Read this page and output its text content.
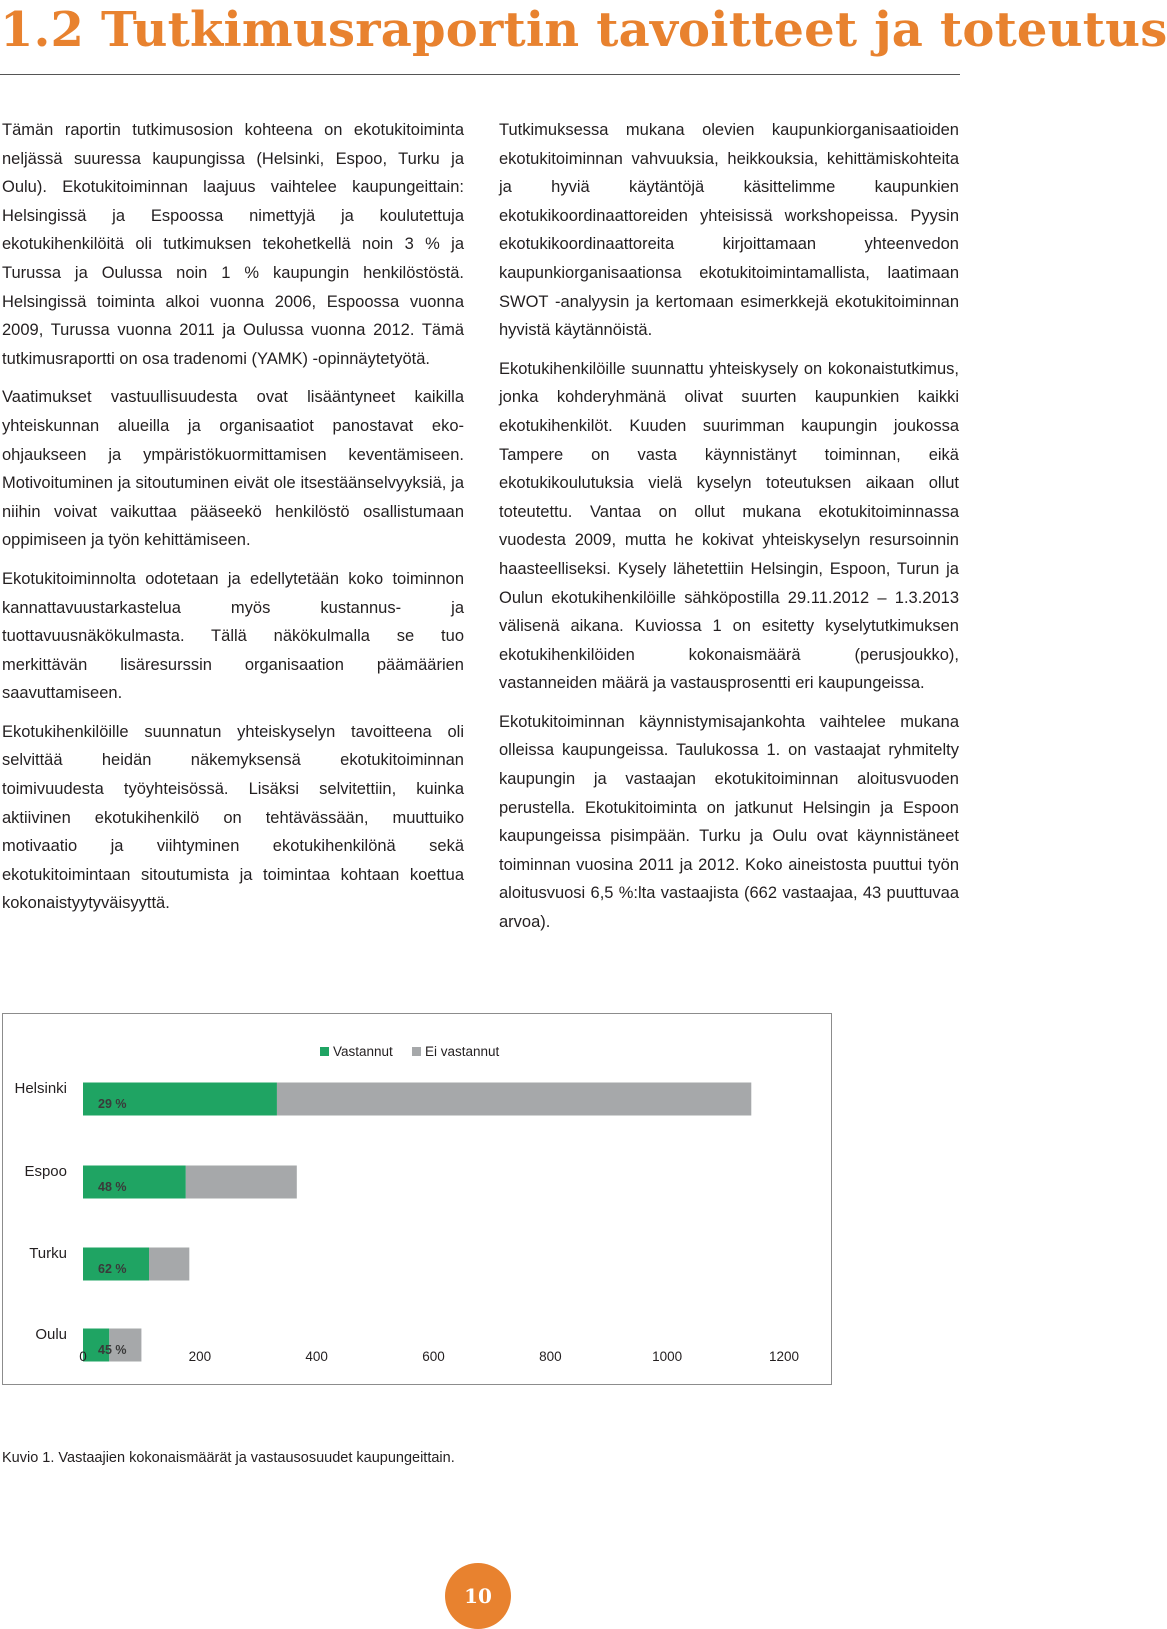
1.2 Tutkimusraportin tavoitteet ja toteutus

Tämän raportin tutkimusosion kohteena on ekotukitoiminta neljässä suuressa kaupungissa (Helsinki, Espoo, Turku ja Oulu). Ekotukitoiminnan laajuus vaihtelee kaupungeittain: Helsingissä ja Espoossa nimettyjä ja koulutettuja ekotukihenkilöitä oli tutkimuksen tekohetkellä noin 3 % ja Turussa ja Oulussa noin 1 % kaupungin henkilöstöstä. Helsingissä toiminta alkoi vuonna 2006, Espoossa vuonna 2009, Turussa vuonna 2011 ja Oulussa vuonna 2012. Tämä tutkimusraportti on osa tradenomi (YAMK) -opinnäytetyötä.

Vaatimukset vastuullisuudesta ovat lisääntyneet kaikilla yhteiskunnan alueilla ja organisaatiot panostavat eko-ohjaukseen ja ympäristökuormittamisen keventämiseen. Motivoituminen ja sitoutuminen eivät ole itsestäänselvyyksiä, ja niihin voivat vaikuttaa pääseekö henkilöstö osallistumaan oppimiseen ja työn kehittämiseen.

Ekotukitoiminnolta odotetaan ja edellytetään koko toiminnon kannattavuustarkastelua myös kustannus- ja tuottavuusnäkökulmasta. Tällä näkökulmalla se tuo merkittävän lisäresurssin organisaation päämäärien saavuttamiseen.

Ekotukihenkilöille suunnatun yhteiskyselyn tavoitteena oli selvittää heidän näkemyksensä ekotukitoiminnan toimivuudesta työyhteisössä. Lisäksi selvitettiin, kuinka aktiivinen ekotukihenkilö on tehtävässään, muuttuiko motivaatio ja viihtyminen ekotukihenkilönä sekä ekotukitoimintaan sitoutumista ja toimintaa kohtaan koettua kokonaistyytyväisyyttä.

Tutkimuksessa mukana olevien kaupunkiorganisaatioiden ekotukitoiminnan vahvuuksia, heikkouksia, kehittämiskohteita ja hyviä käytäntöjä käsittelimme kaupunkien ekotukikoordinaattoreiden yhteisissä workshopeissa. Pyysin ekotukikoordinaattoreita kirjoittamaan yhteenvedon kaupunkiorganisaationsa ekotukitoimintamallista, laatimaan SWOT -analyysin ja kertomaan esimerkkejä ekotukitoiminnan hyvistä käytännöistä.

Ekotukihenkilöille suunnattu yhteiskysely on kokonaistutkimus, jonka kohderyhmänä olivat suurten kaupunkien kaikki ekotukihenkilöt. Kuuden suurimman kaupungin joukossa Tampere on vasta käynnistänyt toiminnan, eikä ekotukikoulutuksia vielä kyselyn toteutuksen aikaan ollut toteutettu. Vantaa on ollut mukana ekotukitoiminnassa vuodesta 2009, mutta he kokivat yhteiskyselyn resursoinnin haasteelliseksi. Kysely lähetettiin Helsingin, Espoon, Turun ja Oulun ekotukihenkilöille sähköpostilla 29.11.2012 – 1.3.2013 välisenä aikana. Kuviossa 1 on esitetty kyselytutkimuksen ekotukihenkilöiden kokonaismäärä (perusjoukko), vastanneiden määrä ja vastausprosentti eri kaupungeissa.

Ekotukitoiminnan käynnistymisajankohta vaihtelee mukana olleissa kaupungeissa. Taulukossa 1. on vastaajat ryhmitelty kaupungin ja vastaajan ekotukitoiminnan aloitusvuoden perustella. Ekotukitoiminta on jatkunut Helsingin ja Espoon kaupungeissa pisimpään. Turku ja Oulu ovat käynnistäneet toiminnan vuosina 2011 ja 2012. Koko aineistosta puuttui työn aloitusvuosi 6,5 %:lta vastaajista (662 vastaajaa, 43 puuttuvaa arvoa).

Vastannut Ei vastannut
Helsinki
29 %
Espoo
48 %
Turku
62 %
Oulu
45 %
0	200	400	600	800	1000	1200
Kuvio 1. Vastaajien kokonaismäärät ja vastausosuudet kaupungeittain.
10
